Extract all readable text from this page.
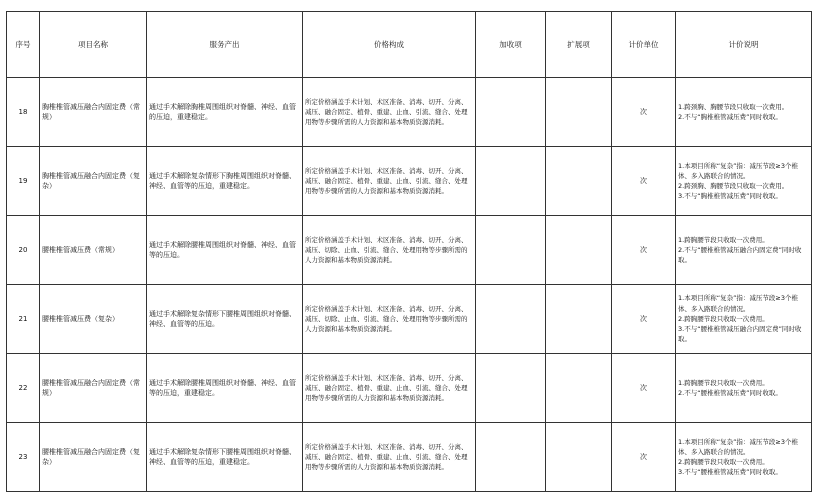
序号	项目名称	服务产出	价格构成	加收项	扩展项	计价单位	计价说明
18	胸椎椎管减压融合内固定费（常规）	通过手术解除胸椎周围组织对脊髓、神经、血管的压迫，重建稳定。	所定价格涵盖手术计划、术区准备、消毒、切开、分离、减压、融合固定、植骨、重建、止血、引流、缝合、处理用物等步骤所需的人力资源和基本物质资源消耗。			次	1.跨颈胸、胸腰节段只收取一次费用。
2.不与“胸椎椎管减压费”同时收取。
19	胸椎椎管减压融合内固定费（复杂）	通过手术解除复杂情形下胸椎周围组织对脊髓、神经、血管等的压迫，重建稳定。	所定价格涵盖手术计划、术区准备、消毒、切开、分离、减压、融合固定、植骨、重建、止血、引流、缝合、处理用物等步骤所需的人力资源和基本物质资源消耗。			次	1.本项目所称“复杂”指：减压节段≥3个椎体、多入路联合的情况。
2.跨颈胸、胸腰节段只收取一次费用。
3.不与“胸椎椎管减压费”同时收取。
20	腰椎椎管减压费（常规）	通过手术解除腰椎周围组织对脊髓、神经、血管等的压迫。	所定价格涵盖手术计划、术区准备、消毒、切开、分离、减压、切除、止血、引流、缝合、处理用物等步骤所需的人力资源和基本物质资源消耗。			次	1.跨胸腰节段只收取一次费用。
2.不与“腰椎椎管减压融合内固定费”同时收取。
21	腰椎椎管减压费（复杂）	通过手术解除复杂情形下腰椎周围组织对脊髓、神经、血管等的压迫。	所定价格涵盖手术计划、术区准备、消毒、切开、分离、减压、切除、止血、引流、缝合、处理用物等步骤所需的人力资源和基本物质资源消耗。			次	1.本项目所称“复杂”指：减压节段≥3个椎体、多入路联合的情况。
2.跨胸腰节段只收取一次费用。
3.不与“腰椎椎管减压融合内固定费”同时收取。
22	腰椎椎管减压融合内固定费（常规）	通过手术解除腰椎周围组织对脊髓、神经、血管等的压迫，重建稳定。	所定价格涵盖手术计划、术区准备、消毒、切开、分离、减压、融合固定、植骨、重建、止血、引流、缝合、处理用物等步骤所需的人力资源和基本物质资源消耗。			次	1.跨胸腰节段只收取一次费用。
2.不与“腰椎椎管减压费”同时收取。
23	腰椎椎管减压融合内固定费（复杂）	通过手术解除复杂情形下腰椎周围组织对脊髓、神经、血管等的压迫，重建稳定。	所定价格涵盖手术计划、术区准备、消毒、切开、分离、减压、融合固定、植骨、重建、止血、引流、缝合、处理用物等步骤所需的人力资源和基本物质资源消耗。			次	1.本项目所称“复杂”指：减压节段≥3个椎体、多入路联合的情况。
2.跨胸腰节段只收取一次费用。
3.不与“腰椎椎管减压费”同时收取。
